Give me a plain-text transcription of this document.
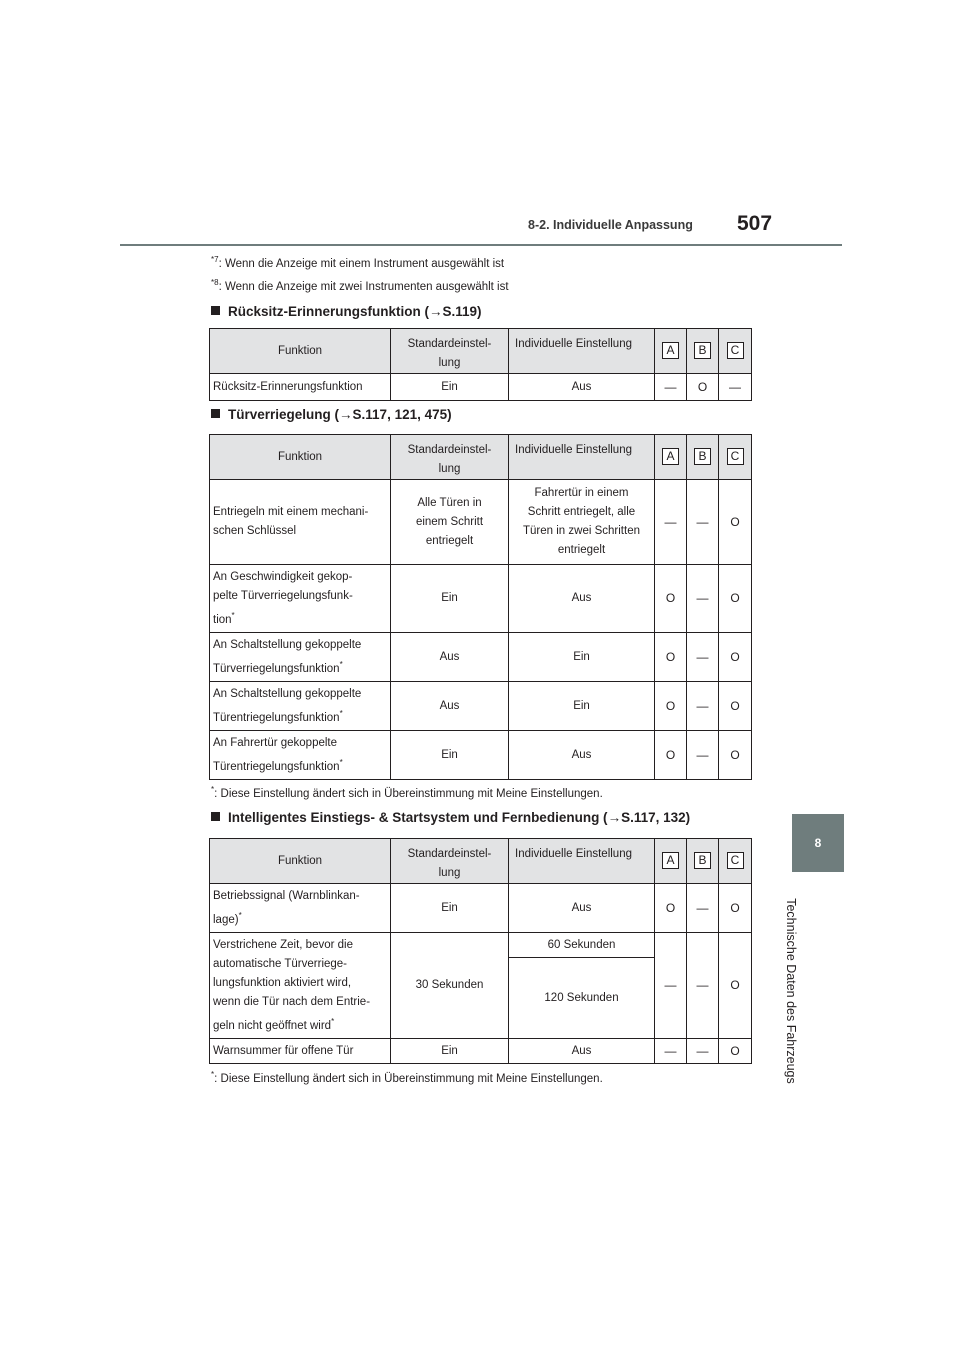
8-2. Individuelle Anpassung 507
8
Technische Daten des Fahrzeugs
$^{*7}$: Wenn die Anzeige mit einem Instrument ausgewählt ist
$^{*8}$: Wenn die Anzeige mit zwei Instrumenten ausgewählt ist
Rücksitz-Erinnerungsfunktion (→S.119)
Funktion	Standardeinstel-
lung	Individuelle Einstellung	A	B	C
Rücksitz-Erinnerungsfunktion	Ein	Aus	—	O	—
Türverriegelung (→S.117, 121, 475)
Funktion	Standardeinstel-
lung	Individuelle Einstellung	A	B	C
Entriegeln mit einem mechani-
schen Schlüssel	Alle Türen in
einem Schritt
entriegelt	Fahrertür in einem
Schritt entriegelt, alle
Türen in zwei Schritten
entriegelt	—	—	O
An Geschwindigkeit gekop-
pelte Türverriegelungsfunk-
tion*	Ein	Aus	O	—	O
An Schaltstellung gekoppelte
Türverriegelungsfunktion*	Aus	Ein	O	—	O
An Schaltstellung gekoppelte
Türentriegelungsfunktion*	Aus	Ein	O	—	O
An Fahrertür gekoppelte
Türentriegelungsfunktion*	Ein	Aus	O	—	O
*: Diese Einstellung ändert sich in Übereinstimmung mit Meine Einstellungen.
Intelligentes Einstiegs- & Startsystem und Fernbedienung (→S.117, 132)
Funktion	Standardeinstel-
lung	Individuelle Einstellung	A	B	C
Betriebssignal (Warnblinkan-
lage)*	Ein	Aus	O	—	O
Verstrichene Zeit, bevor die
automatische Türverriege-
lungsfunktion aktiviert wird,
wenn die Tür nach dem Entrie-
geln nicht geöffnet wird*	30 Sekunden	60 Sekunden	—	—	O
		120 Sekunden			
Warnsummer für offene Tür	Ein	Aus	—	—	O
*: Diese Einstellung ändert sich in Übereinstimmung mit Meine Einstellungen.
